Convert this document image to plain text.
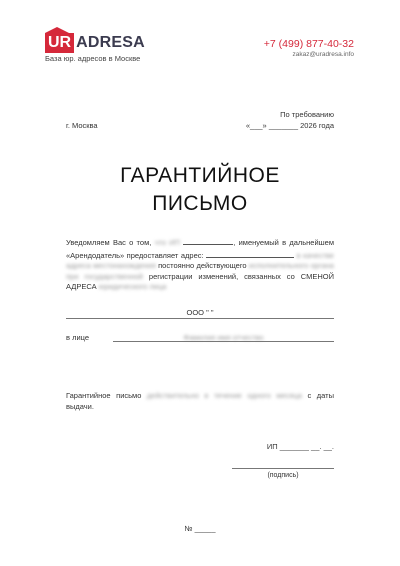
UR ADRESA
База юр. адресов в Москве
+7 (499) 877-40-32
zakaz@uradresa.info
По требованию
г. Москва	«___» _______ 2026 года
ГАРАНТИЙНОЕ
ПИСЬМО
Уведомляем Вас о том, что ИП	, именуемый в дальнейшем «Арендодатель» предоставляет адрес:	в качестве адреса местонахождения постоянно действующего исполнительного органа при государственной регистрации изменений, связанных со СМЕНОЙ АДРЕСА юридического лица
ООО " "
в лице	Фамилия имя отчество
Гарантийное письмо действительно в течение одного месяца с даты выдачи.
ИП _______ __. __.
(подпись)
№ _____
